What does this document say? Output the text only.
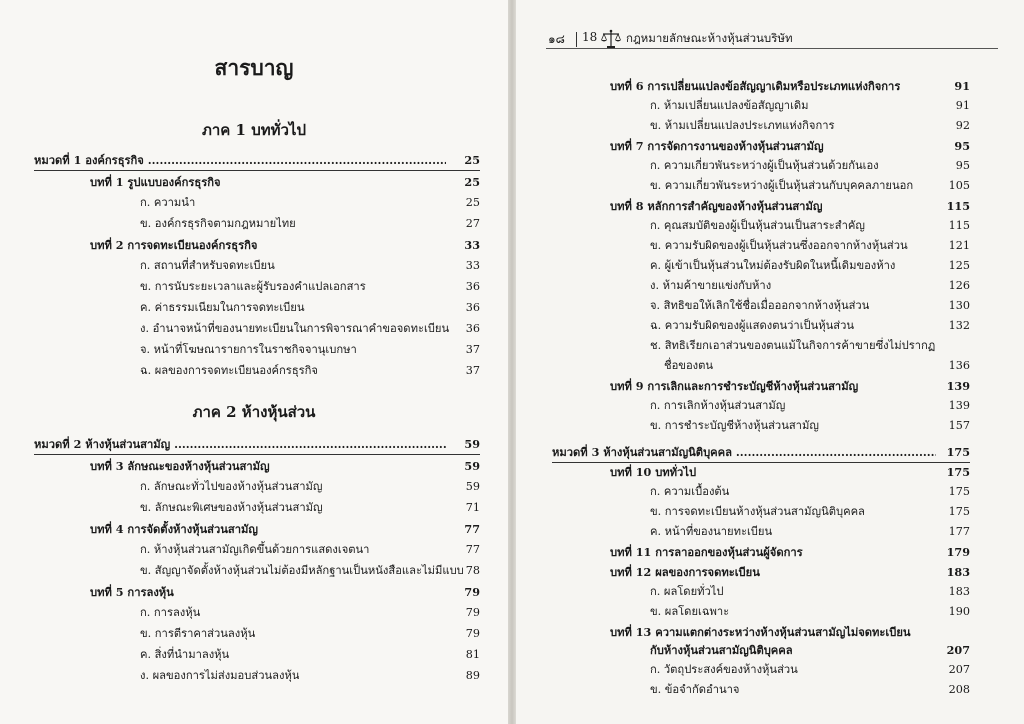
สารบาญ
ภาค 1 บททั่วไป
หมวดที่ 1 องค์กรธุรกิจ .....	25
บทที่ 1 รูปแบบองค์กรธุรกิจ	25
ก. ความนำ	25
ข. องค์กรธุรกิจตามกฎหมายไทย	27
บทที่ 2 การจดทะเบียนองค์กรธุรกิจ	33
ก. สถานที่สำหรับจดทะเบียน	33
ข. การนับระยะเวลาและผู้รับรองคำแปลเอกสาร	36
ค. ค่าธรรมเนียมในการจดทะเบียน	36
ง. อำนาจหน้าที่ของนายทะเบียนในการพิจารณาคำขอจดทะเบียน 36
จ. หน้าที่โฆษณารายการในราชกิจจานุเบกษา	37
ฉ. ผลของการจดทะเบียนองค์กรธุรกิจ	37
ภาค 2 ห้างหุ้นส่วน
หมวดที่ 2 ห้างหุ้นส่วนสามัญ .....	59
บทที่ 3 ลักษณะของห้างหุ้นส่วนสามัญ	59
ก. ลักษณะทั่วไปของห้างหุ้นส่วนสามัญ	59
ข. ลักษณะพิเศษของห้างหุ้นส่วนสามัญ	71
บทที่ 4 การจัดตั้งห้างหุ้นส่วนสามัญ	77
ก. ห้างหุ้นส่วนสามัญเกิดขึ้นด้วยการแสดงเจตนา	77
ข. สัญญาจัดตั้งห้างหุ้นส่วนไม่ต้องมีหลักฐานเป็นหนังสือและไม่มีแบบ 78
บทที่ 5 การลงหุ้น	79
ก. การลงหุ้น	79
ข. การตีราคาส่วนลงหุ้น	79
ค. สิ่งที่นำมาลงหุ้น	81
ง. ผลของการไม่ส่งมอบส่วนลงหุ้น	89
๑๘ 18 กฎหมายลักษณะห้างหุ้นส่วนบริษัท
บทที่ 6 การเปลี่ยนแปลงข้อสัญญาเดิมหรือประเภทแห่งกิจการ	91
ก. ห้ามเปลี่ยนแปลงข้อสัญญาเดิม	91
ข. ห้ามเปลี่ยนแปลงประเภทแห่งกิจการ	92
บทที่ 7 การจัดการงานของห้างหุ้นส่วนสามัญ	95
ก. ความเกี่ยวพันระหว่างผู้เป็นหุ้นส่วนด้วยกันเอง	95
ข. ความเกี่ยวพันระหว่างผู้เป็นหุ้นส่วนกับบุคคลภายนอก	105
บทที่ 8 หลักการสำคัญของห้างหุ้นส่วนสามัญ	115
ก. คุณสมบัติของผู้เป็นหุ้นส่วนเป็นสาระสำคัญ	115
ข. ความรับผิดของผู้เป็นหุ้นส่วนซึ่งออกจากห้างหุ้นส่วน	121
ค. ผู้เข้าเป็นหุ้นส่วนใหม่ต้องรับผิดในหนี้เดิมของห้าง	125
ง. ห้ามค้าขายแข่งกับห้าง	126
จ. สิทธิขอให้เลิกใช้ชื่อเมื่อออกจากห้างหุ้นส่วน	130
ฉ. ความรับผิดของผู้แสดงตนว่าเป็นหุ้นส่วน	132
ช. สิทธิเรียกเอาส่วนของตนแม้ในกิจการค้าขายซึ่งไม่ปรากฏ
ชื่อของตน	136
บทที่ 9 การเลิกและการชำระบัญชีห้างหุ้นส่วนสามัญ	139
ก. การเลิกห้างหุ้นส่วนสามัญ	139
ข. การชำระบัญชีห้างหุ้นส่วนสามัญ	157
หมวดที่ 3 ห้างหุ้นส่วนสามัญนิติบุคคล .....	175
บทที่ 10 บททั่วไป	175
ก. ความเบื้องต้น	175
ข. การจดทะเบียนห้างหุ้นส่วนสามัญนิติบุคคล	175
ค. หน้าที่ของนายทะเบียน	177
บทที่ 11 การลาออกของหุ้นส่วนผู้จัดการ	179
บทที่ 12 ผลของการจดทะเบียน	183
ก. ผลโดยทั่วไป	183
ข. ผลโดยเฉพาะ	190
บทที่ 13 ความแตกต่างระหว่างห้างหุ้นส่วนสามัญไม่จดทะเบียน
กับห้างหุ้นส่วนสามัญนิติบุคคล	207
ก. วัตถุประสงค์ของห้างหุ้นส่วน	207
ข. ข้อจำกัดอำนาจ	208
